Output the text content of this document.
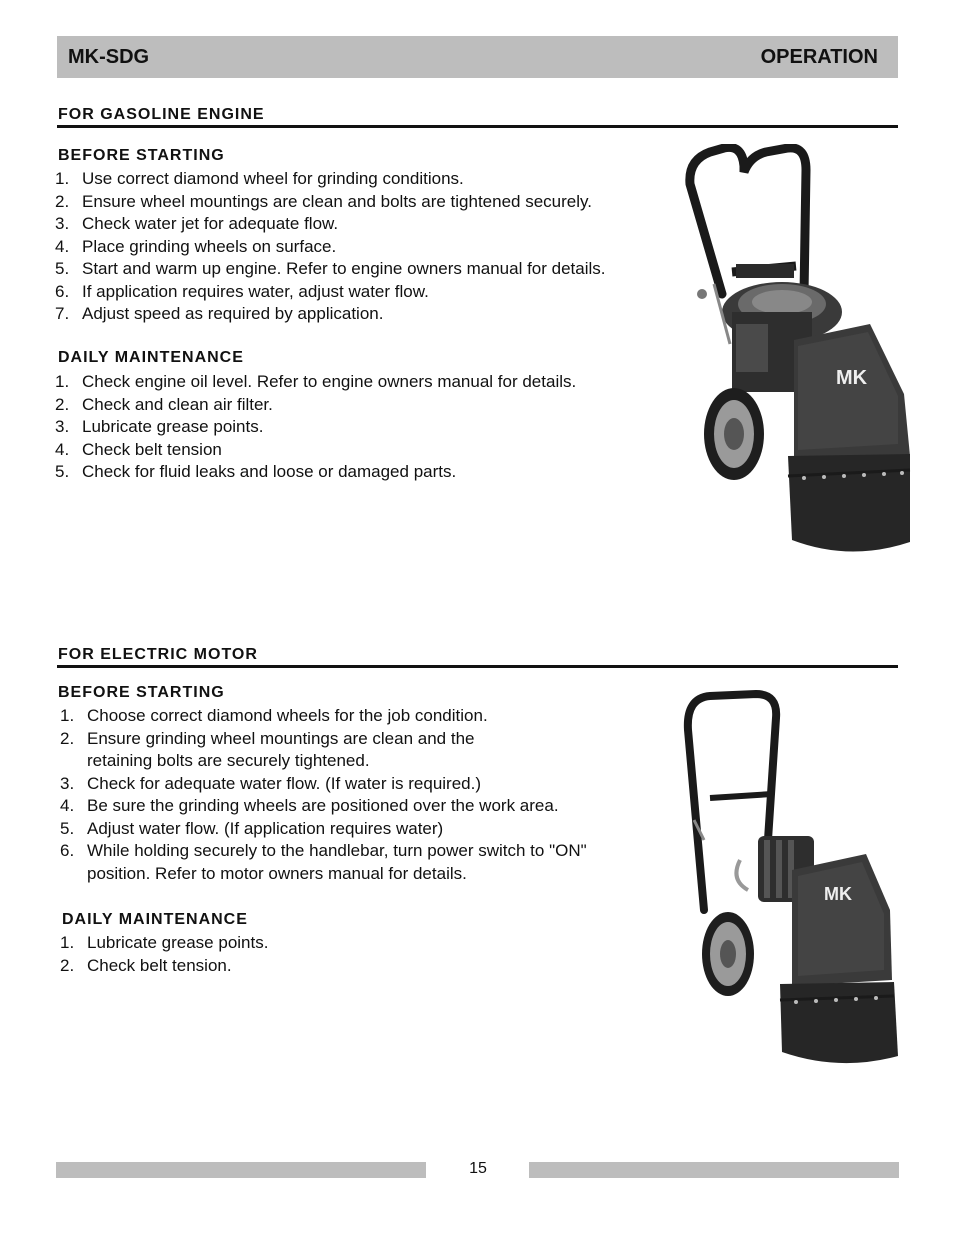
MK-SDG	OPERATION
FOR GASOLINE ENGINE
BEFORE STARTING
1. Use correct diamond wheel for grinding conditions.
2. Ensure wheel mountings are clean and bolts are tightened securely.
3. Check water jet for adequate flow.
4. Place grinding wheels on surface.
5. Start and warm up engine. Refer to engine owners manual for details.
6. If application requires water, adjust water flow.
7. Adjust speed as required by application.
DAILY MAINTENANCE
1. Check engine oil level. Refer to engine owners manual for details.
2. Check and clean air filter.
3. Lubricate grease points.
4. Check belt tension
5. Check for fluid leaks and loose or damaged parts.
MK
FOR ELECTRIC MOTOR
BEFORE STARTING
1. Choose correct diamond wheels for the job condition.
2. Ensure grinding wheel mountings are clean and the
retaining bolts are securely tightened.
3. Check for adequate water flow. (If water is required.)
4. Be sure the grinding wheels are positioned over the work area.
5. Adjust water flow. (If application requires water)
6. While holding securely to the handlebar, turn power switch to "ON"
position. Refer to motor owners manual for details.
DAILY MAINTENANCE
1. Lubricate grease points.
2. Check belt tension.
MK
15
